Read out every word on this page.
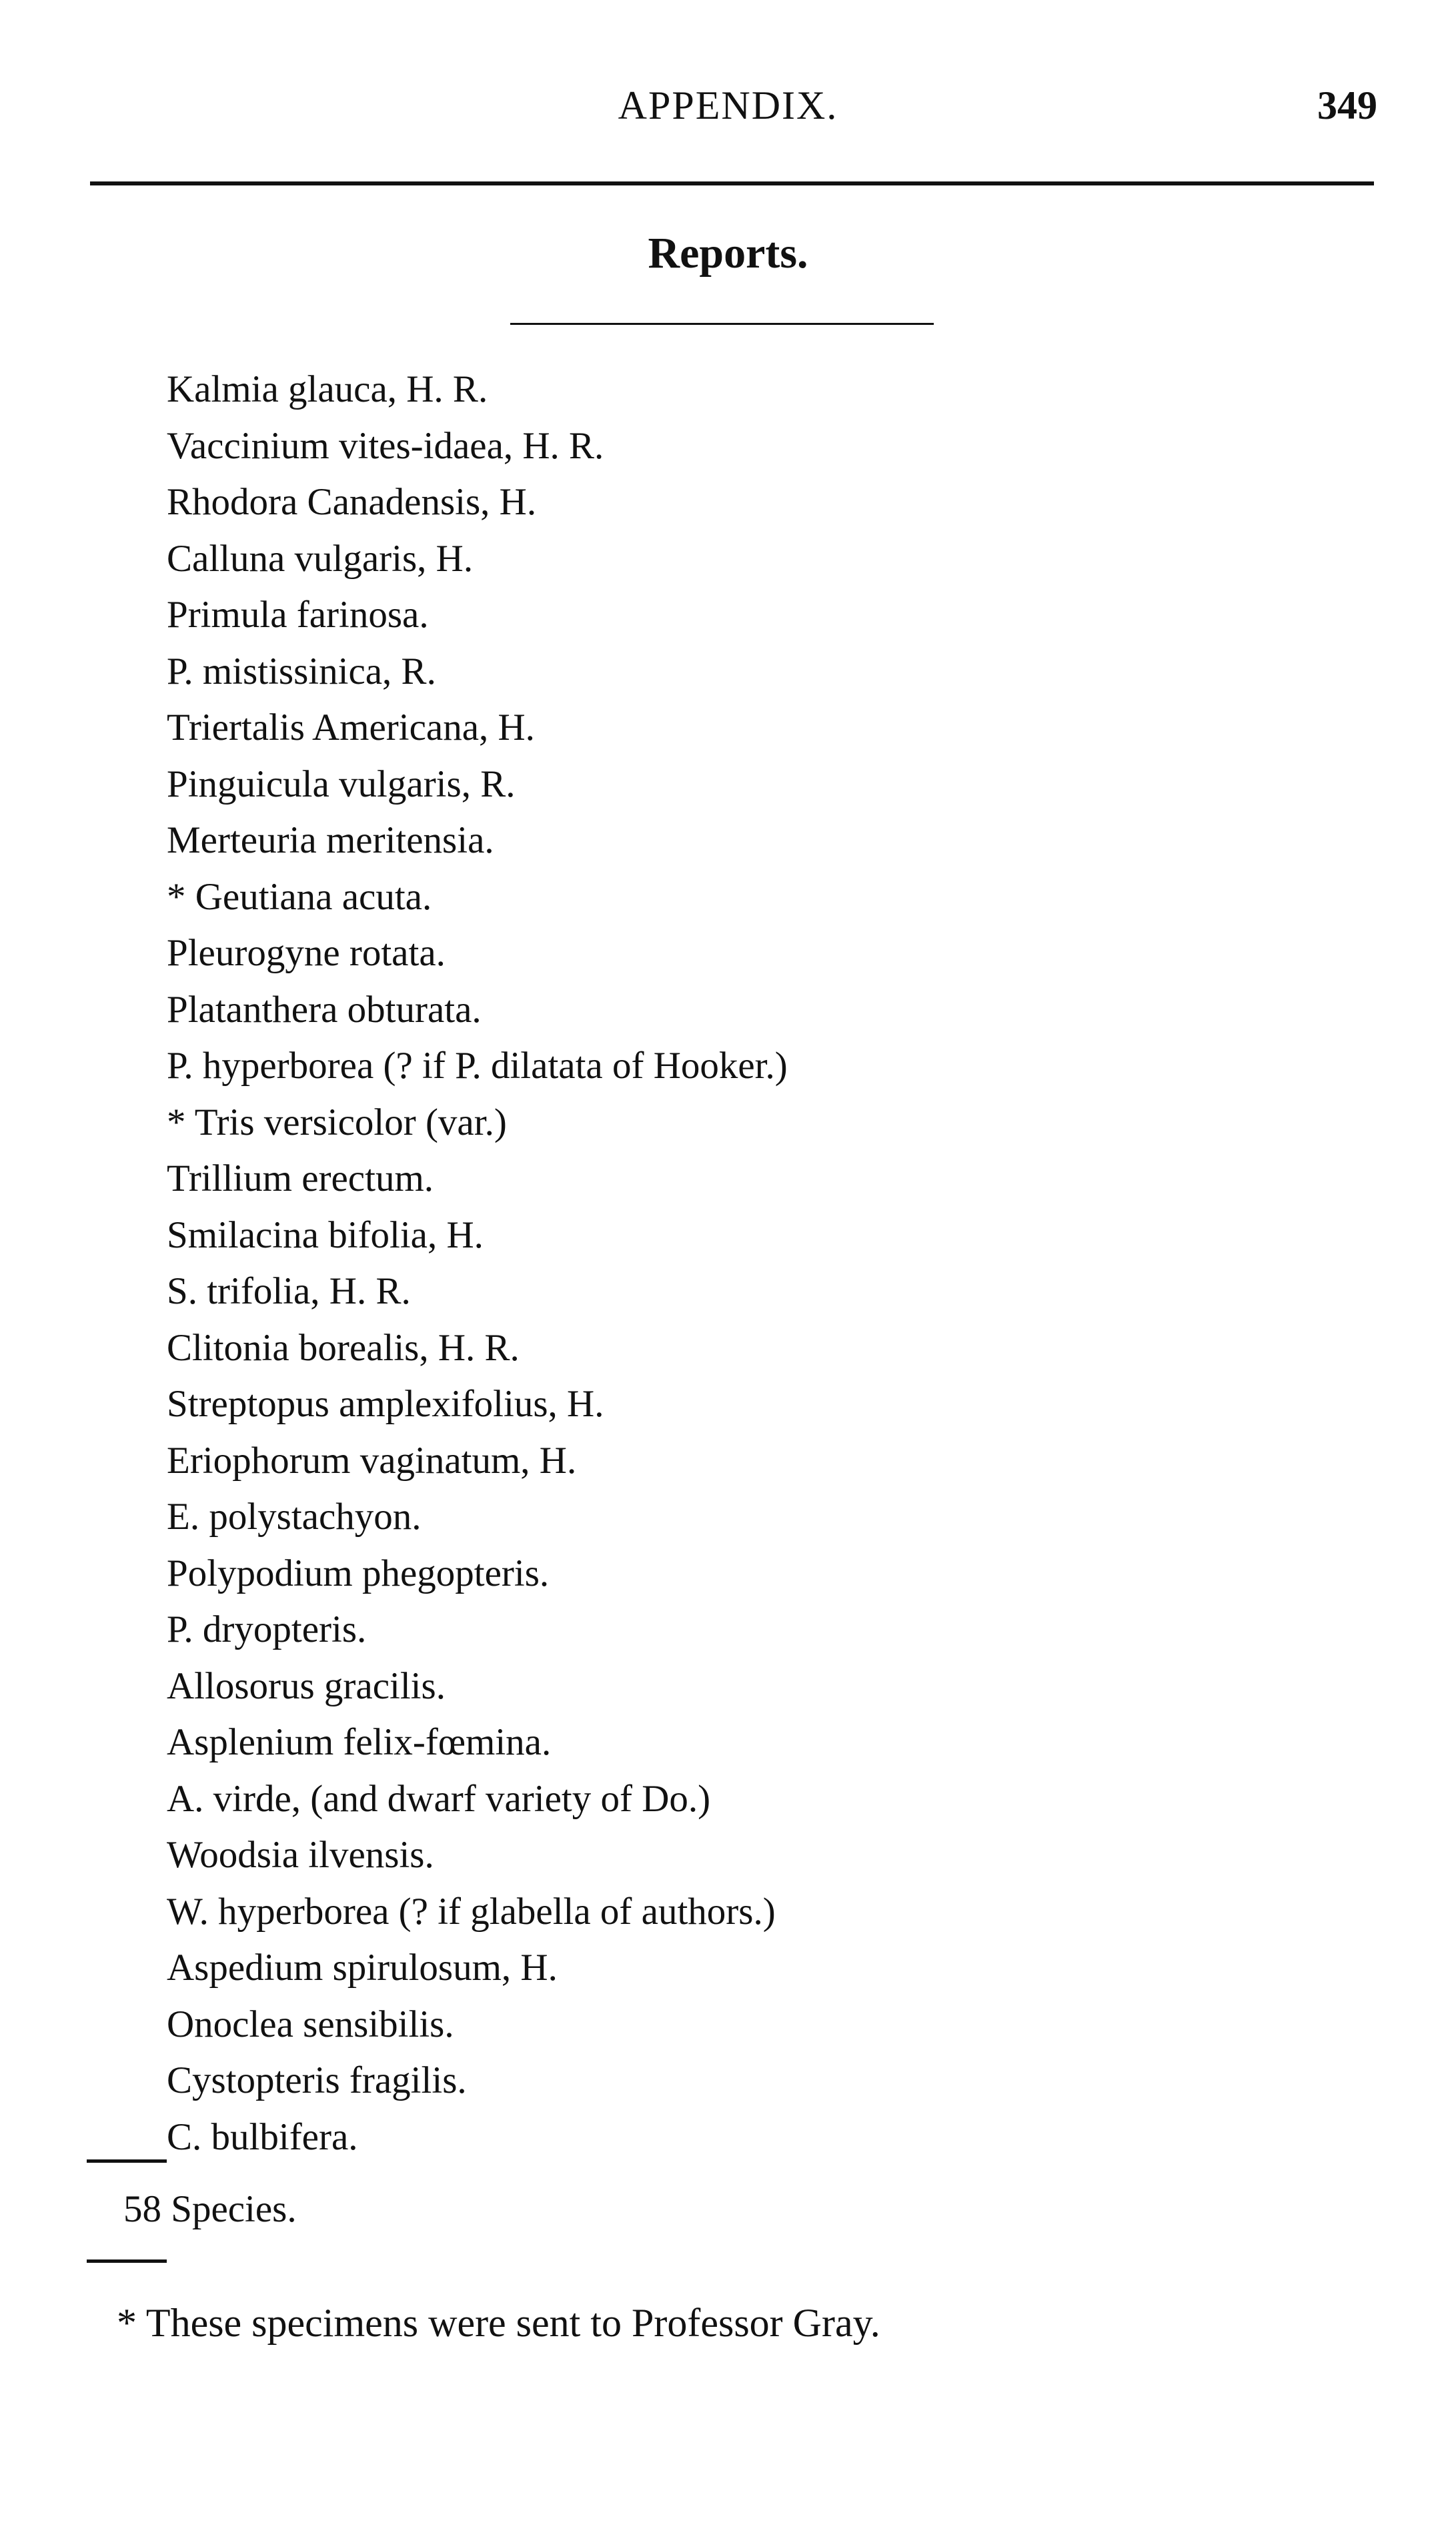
APPENDIX.	349
Reports.
Kalmia glauca, H. R.
Vaccinium vites-idaea, H. R.
Rhodora Canadensis, H.
Calluna vulgaris, H.
Primula farinosa.
P. mistissinica, R.
Triertalis Americana, H.
Pinguicula vulgaris, R.
Merteuria meritensia.
* Geutiana acuta.
Pleurogyne rotata.
Platanthera obturata.
P. hyperborea (? if P. dilatata of Hooker.)
* Tris versicolor (var.)
Trillium erectum.
Smilacina bifolia, H.
S. trifolia, H. R.
Clitonia borealis, H. R.
Streptopus amplexifolius, H.
Eriophorum vaginatum, H.
E. polystachyon.
Polypodium phegopteris.
P. dryopteris.
Allosorus gracilis.
Asplenium felix-fœmina.
A. virde, (and dwarf variety of Do.)
Woodsia ilvensis.
W. hyperborea (? if glabella of authors.)
Aspedium spirulosum, H.
Onoclea sensibilis.
Cystopteris fragilis.
C. bulbifera.
58 Species.
* These specimens were sent to Professor Gray.
